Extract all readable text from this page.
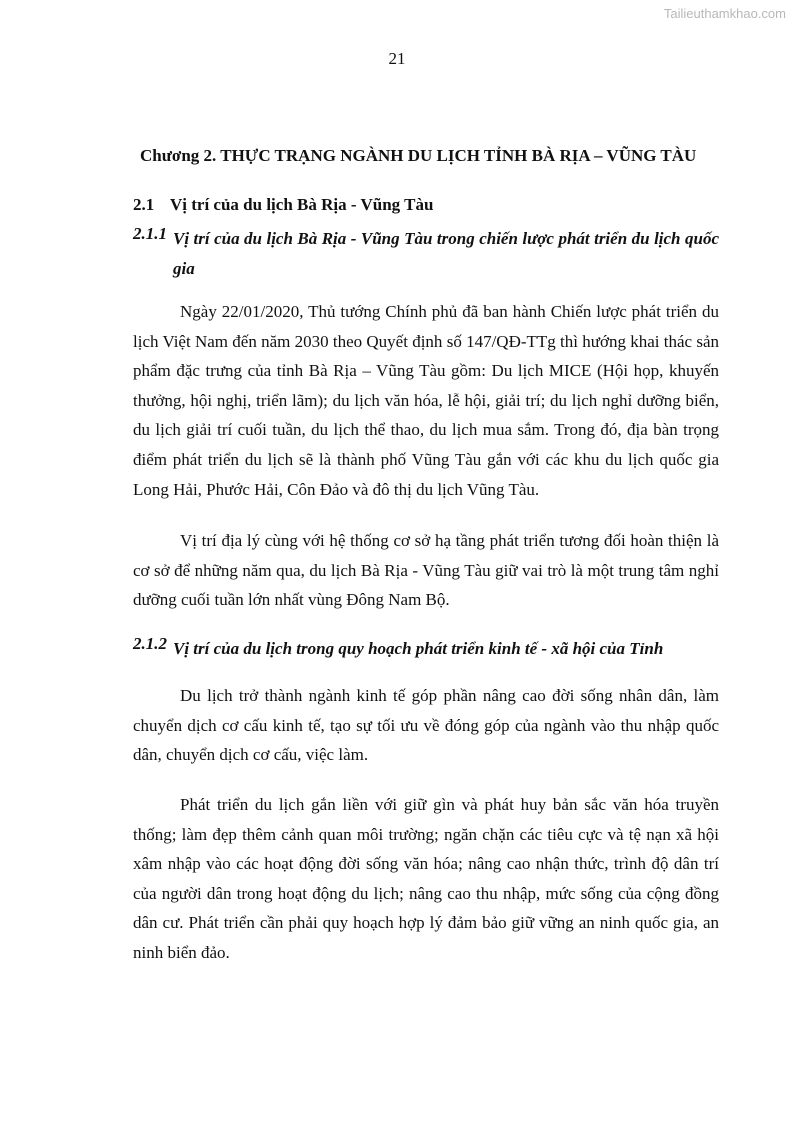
Tailieuthamkhao.com
21
Chương 2. THỰC TRẠNG NGÀNH DU LỊCH TỈNH BÀ RỊA – VŨNG TÀU
2.1 Vị trí của du lịch Bà Rịa - Vũng Tàu
2.1.1 Vị trí của du lịch Bà Rịa - Vũng Tàu trong chiến lược phát triển du lịch quốc gia

Ngày 22/01/2020, Thủ tướng Chính phủ đã ban hành Chiến lược phát triển du lịch Việt Nam đến năm 2030 theo Quyết định số 147/QĐ-TTg thì hướng khai thác sản phẩm đặc trưng của tỉnh Bà Rịa – Vũng Tàu gồm: Du lịch MICE (Hội họp, khuyến thưởng, hội nghị, triển lãm); du lịch văn hóa, lễ hội, giải trí; du lịch nghỉ dưỡng biển, du lịch giải trí cuối tuần, du lịch thể thao, du lịch mua sắm. Trong đó, địa bàn trọng điểm phát triển du lịch sẽ là thành phố Vũng Tàu gắn với các khu du lịch quốc gia Long Hải, Phước Hải, Côn Đảo và đô thị du lịch Vũng Tàu.

Vị trí địa lý cùng với hệ thống cơ sở hạ tầng phát triển tương đối hoàn thiện là cơ sở để những năm qua, du lịch Bà Rịa - Vũng Tàu giữ vai trò là một trung tâm nghỉ dưỡng cuối tuần lớn nhất vùng Đông Nam Bộ.

2.1.2 Vị trí của du lịch trong quy hoạch phát triển kinh tế - xã hội của Tỉnh

Du lịch trở thành ngành kinh tế góp phần nâng cao đời sống nhân dân, làm chuyển dịch cơ cấu kinh tế, tạo sự tối ưu về đóng góp của ngành vào thu nhập quốc dân, chuyển dịch cơ cấu, việc làm.

Phát triển du lịch gắn liền với giữ gìn và phát huy bản sắc văn hóa truyền thống; làm đẹp thêm cảnh quan môi trường; ngăn chặn các tiêu cực và tệ nạn xã hội xâm nhập vào các hoạt động đời sống văn hóa; nâng cao nhận thức, trình độ dân trí của người dân trong hoạt động du lịch; nâng cao thu nhập, mức sống của cộng đồng dân cư. Phát triển cần phải quy hoạch hợp lý đảm bảo giữ vững an ninh quốc gia, an ninh biển đảo.
